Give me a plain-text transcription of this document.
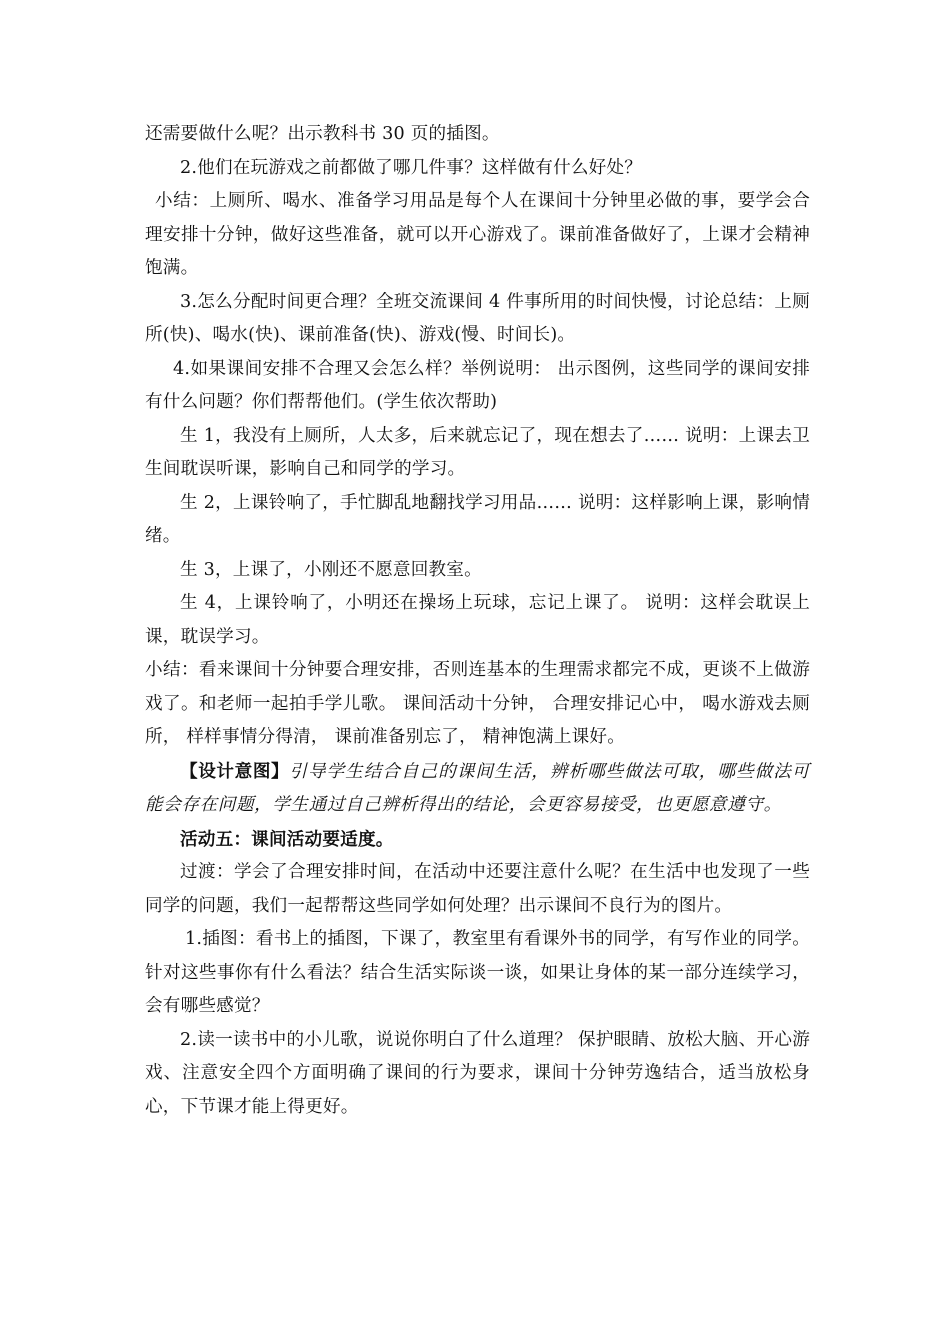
还需要做什么呢？出示教科书 30 页的插图。

2.他们在玩游戏之前都做了哪几件事？这样做有什么好处？

小结：上厕所、喝水、准备学习用品是每个人在课间十分钟里必做的事，要学会合理安排十分钟，做好这些准备，就可以开心游戏了。课前准备做好了，上课才会精神饱满。

3.怎么分配时间更合理？全班交流课间 4 件事所用的时间快慢，讨论总结：上厕所(快)、喝水(快)、课前准备(快)、游戏(慢、时间长)。

4.如果课间安排不合理又会怎么样？举例说明： 出示图例，这些同学的课间安排有什么问题？你们帮帮他们。(学生依次帮助)

生 1，我没有上厕所，人太多，后来就忘记了，现在想去了…… 说明：上课去卫生间耽误听课，影响自己和同学的学习。

生 2，上课铃响了，手忙脚乱地翻找学习用品…… 说明：这样影响上课，影响情绪。

生 3，上课了，小刚还不愿意回教室。

生 4，上课铃响了，小明还在操场上玩球，忘记上课了。 说明：这样会耽误上课，耽误学习。

小结：看来课间十分钟要合理安排，否则连基本的生理需求都完不成，更谈不上做游戏了。和老师一起拍手学儿歌。 课间活动十分钟， 合理安排记心中， 喝水游戏去厕所， 样样事情分得清， 课前准备别忘了， 精神饱满上课好。

【设计意图】引导学生结合自己的课间生活，辨析哪些做法可取，哪些做法可能会存在问题，学生通过自己辨析得出的结论，会更容易接受，也更愿意遵守。

活动五：课间活动要适度。

过渡：学会了合理安排时间，在活动中还要注意什么呢？在生活中也发现了一些同学的问题，我们一起帮帮这些同学如何处理？出示课间不良行为的图片。

1.插图：看书上的插图，下课了，教室里有看课外书的同学，有写作业的同学。 针对这些事你有什么看法？结合生活实际谈一谈，如果让身体的某一部分连续学习，会有哪些感觉？

2.读一读书中的小儿歌，说说你明白了什么道理？ 保护眼睛、放松大脑、开心游戏、注意安全四个方面明确了课间的行为要求，课间十分钟劳逸结合，适当放松身心，下节课才能上得更好。
